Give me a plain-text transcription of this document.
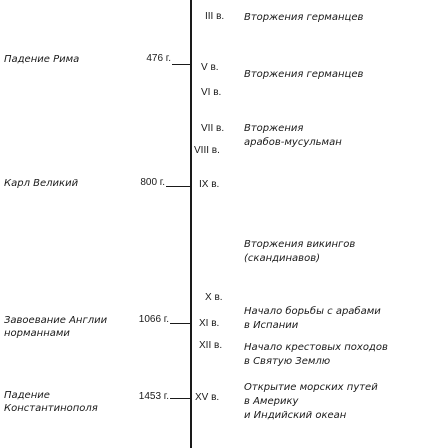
Падение Рима	476 г.
Карл Великий	800 г.
Завоевание Англии
норманнами
1066 г.
Падение
Константинополя
1453 г.
III в.
V в.
VI в.
VII в.
VIII в.
IX в.
X в.
XI в.
XII в.
XV в.
Вторжения германцев
Вторжения германцев
Вторжения
арабов-мусульман
Вторжения викингов
(скандинавов)
Начало борьбы с арабами
в Испании
Начало крестовых походов
в Святую Землю
Открытие морских путей
в Америку
и Индийский океан
